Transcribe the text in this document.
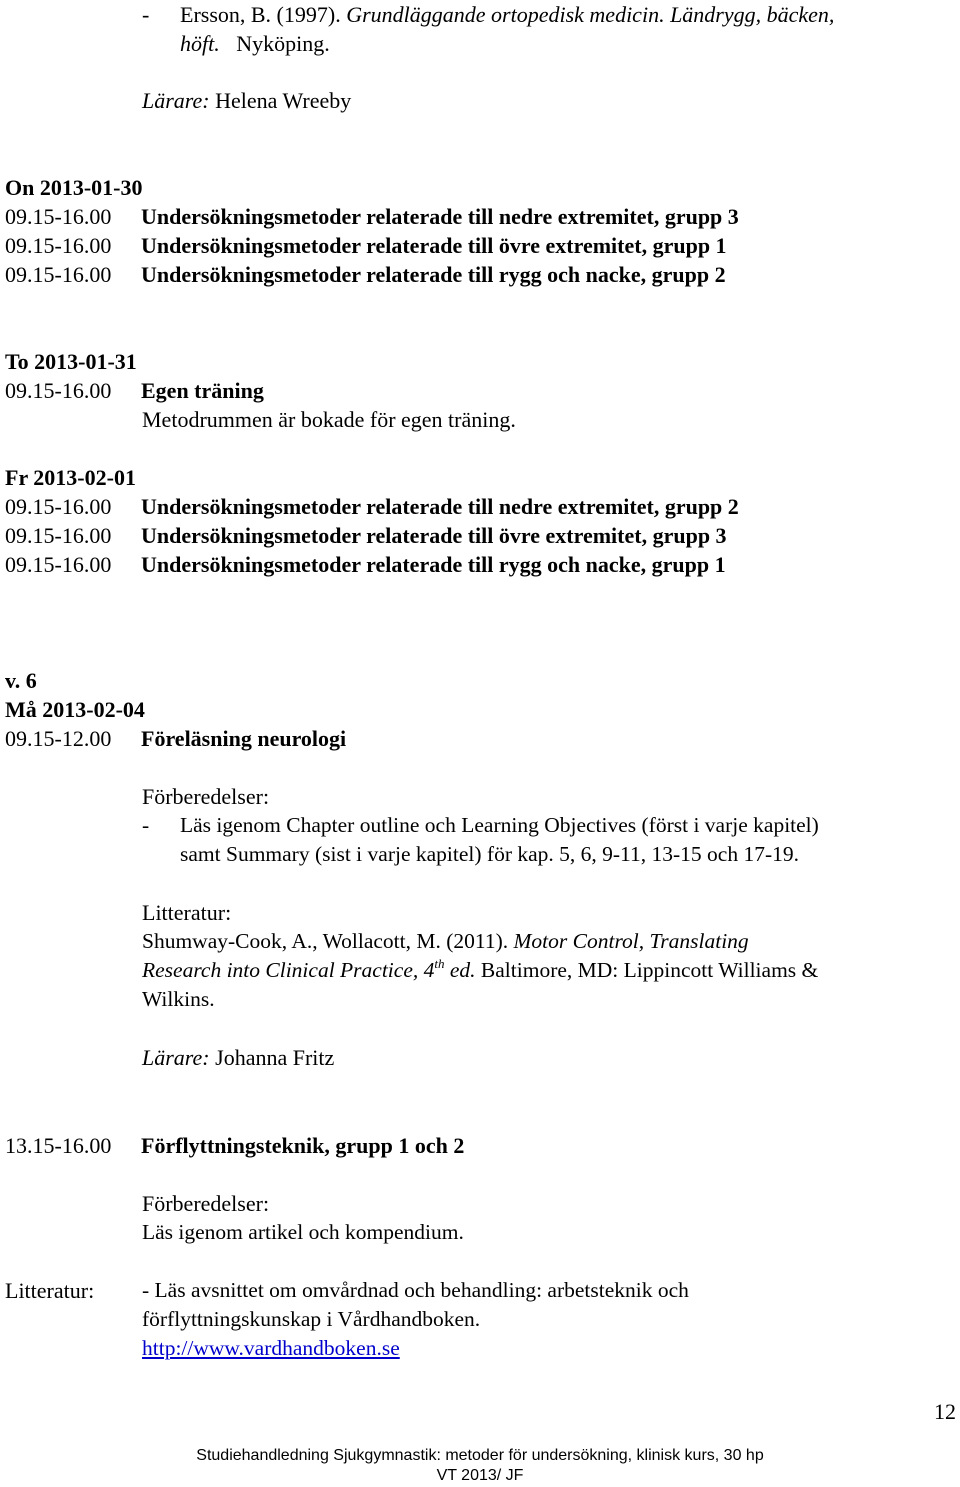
- Ersson, B. (1997). Grundläggande ortopedisk medicin. Ländrygg, bäcken,
höft. Nyköping.
Lärare: Helena Wreeby
On 2013-01-30
09.15-16.00 Undersökningsmetoder relaterade till nedre extremitet, grupp 3
09.15-16.00 Undersökningsmetoder relaterade till övre extremitet, grupp 1
09.15-16.00 Undersökningsmetoder relaterade till rygg och nacke, grupp 2
To 2013-01-31
09.15-16.00 Egen träning
Metodrummen är bokade för egen träning.
Fr 2013-02-01
09.15-16.00 Undersökningsmetoder relaterade till nedre extremitet, grupp 2
09.15-16.00 Undersökningsmetoder relaterade till övre extremitet, grupp 3
09.15-16.00 Undersökningsmetoder relaterade till rygg och nacke, grupp 1
v. 6
Må 2013-02-04
09.15-12.00 Föreläsning neurologi
Förberedelser:
- Läs igenom Chapter outline och Learning Objectives (först i varje kapitel)
samt Summary (sist i varje kapitel) för kap. 5, 6, 9-11, 13-15 och 17-19.
Litteratur:
Shumway-Cook, A., Wollacott, M. (2011). Motor Control, Translating
Research into Clinical Practice, 4th ed. Baltimore, MD: Lippincott Williams &
Wilkins.
Lärare: Johanna Fritz
13.15-16.00 Förflyttningsteknik, grupp 1 och 2
Förberedelser:
Läs igenom artikel och kompendium.
Litteratur: - Läs avsnittet om omvårdnad och behandling: arbetsteknik och
förflyttningskunskap i Vårdhandboken.
http://www.vardhandboken.se
12
Studiehandledning Sjukgymnastik: metoder för undersökning, klinisk kurs, 30 hp
VT 2013/ JF
